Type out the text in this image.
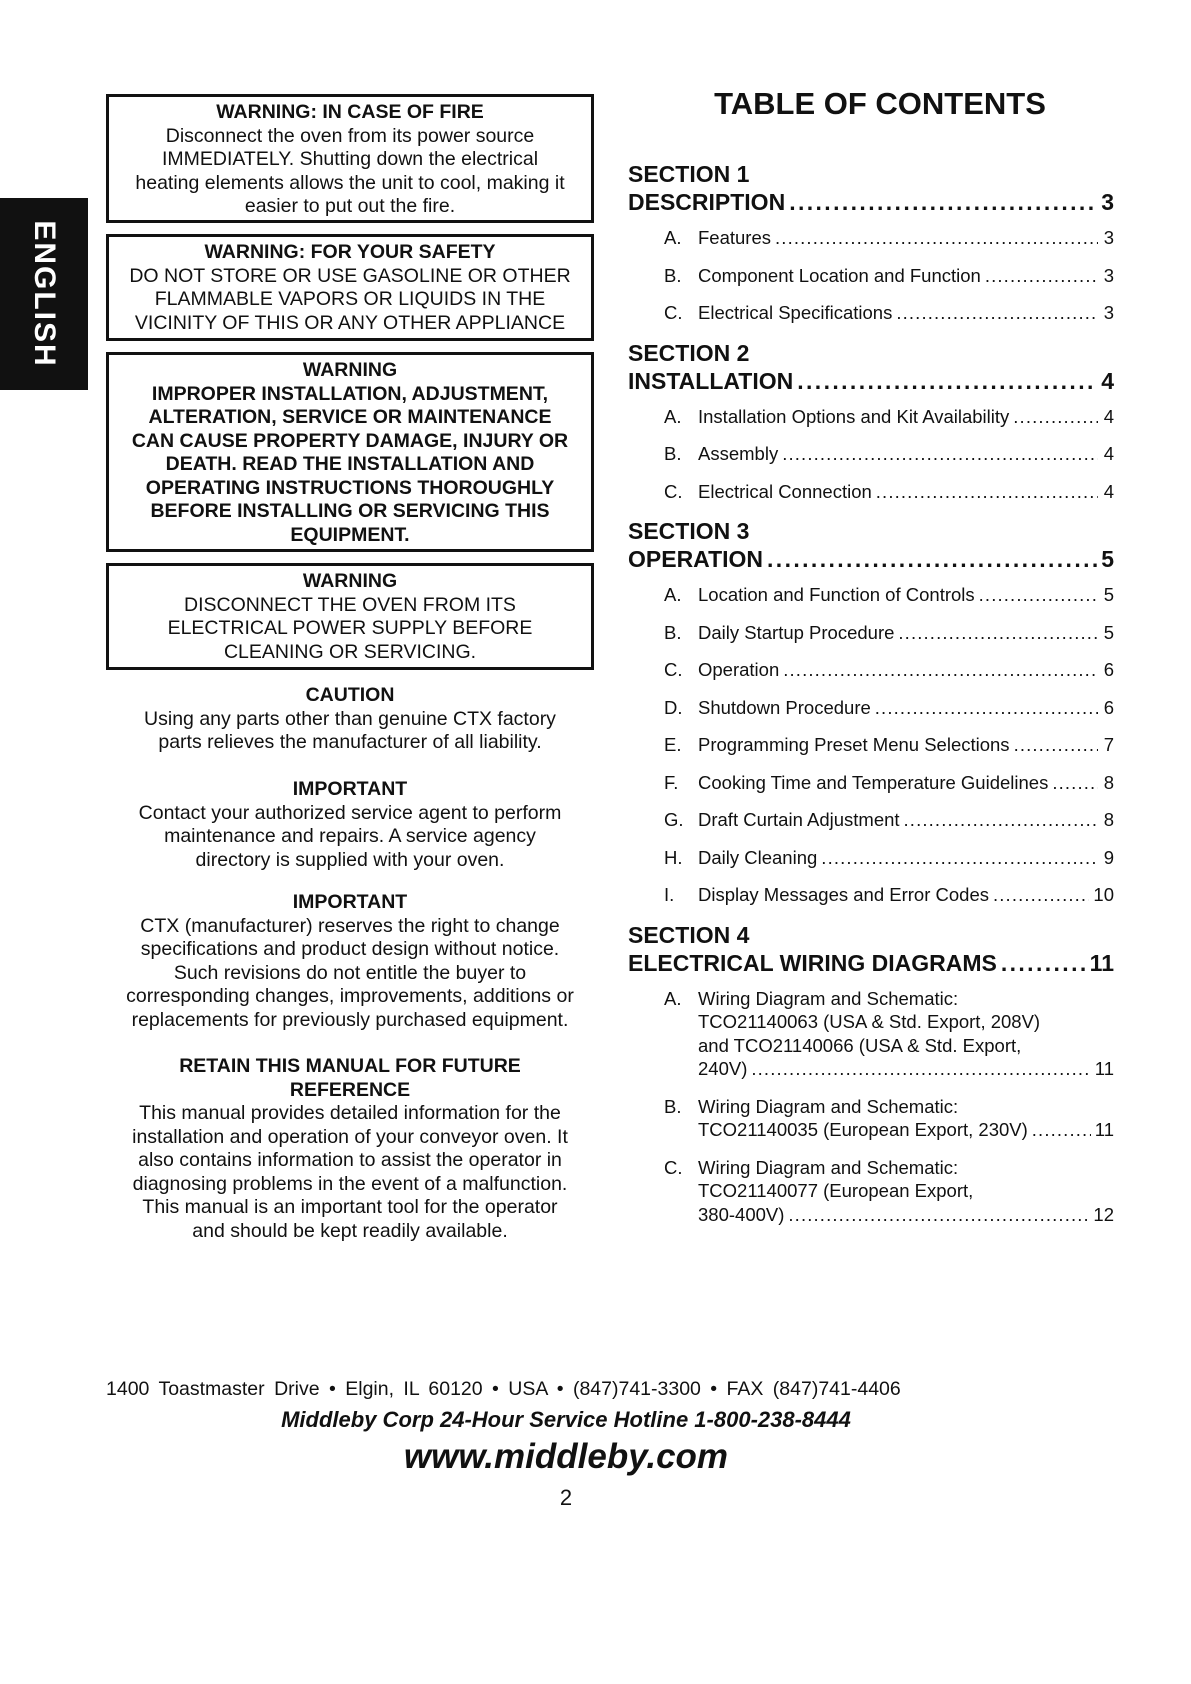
ENGLISH
WARNING: IN CASE OF FIRE
Disconnect the oven from its power source
IMMEDIATELY. Shutting down the electrical
heating elements allows the unit to cool, making it
easier to put out the fire.
WARNING: FOR YOUR SAFETY
DO NOT STORE OR USE GASOLINE OR OTHER
FLAMMABLE VAPORS OR LIQUIDS IN THE
VICINITY OF THIS OR ANY OTHER APPLIANCE
WARNING
IMPROPER INSTALLATION, ADJUSTMENT,
ALTERATION, SERVICE OR MAINTENANCE
CAN CAUSE PROPERTY DAMAGE, INJURY OR
DEATH. READ THE INSTALLATION AND
OPERATING INSTRUCTIONS THOROUGHLY
BEFORE INSTALLING OR SERVICING THIS
EQUIPMENT.
WARNING
DISCONNECT THE OVEN FROM ITS
ELECTRICAL POWER SUPPLY BEFORE
CLEANING OR SERVICING.
CAUTION
Using any parts other than genuine CTX factory
parts relieves the manufacturer of all liability.
IMPORTANT
Contact your authorized service agent to perform
maintenance and repairs. A service agency
directory is supplied with your oven.
IMPORTANT
CTX (manufacturer) reserves the right to change
specifications and product design without notice.
Such revisions do not entitle the buyer to
corresponding changes, improvements, additions or
replacements for previously purchased equipment.
RETAIN THIS MANUAL FOR FUTURE
REFERENCE
This manual provides detailed information for the
installation and operation of your conveyor oven. It
also contains information to assist the operator in
diagnosing problems in the event of a malfunction.
This manual is an important tool for the operator
and should be kept readily available.
TABLE OF CONTENTS
SECTION 1
DESCRIPTION . . .	3
A. Features . . .	3
B. Component Location and Function . . .	3
C. Electrical Specifications . . .	3
SECTION 2
INSTALLATION . . .	4
A. Installation Options and Kit Availability . . .	4
B. Assembly . . .	4
C. Electrical Connection . . .	4
SECTION 3
OPERATION . . .	5
A. Location and Function of Controls . . .	5
B. Daily Startup Procedure . . .	5
C. Operation . . .	6
D. Shutdown Procedure . . .	6
E. Programming Preset Menu Selections . . .	7
F.	Cooking Time and Temperature Guidelines . . .	8
G. Draft Curtain Adjustment . . .	8
H. Daily Cleaning . . .	9
I.	Display Messages and Error Codes . . .	10
SECTION 4
ELECTRICAL WIRING DIAGRAMS . . .	11
A. Wiring Diagram and Schematic:
TCO21140063 (USA & Std. Export, 208V)
and TCO21140066 (USA & Std. Export,
240V) . . .	11
B. Wiring Diagram and Schematic:
TCO21140035 (European Export, 230V) . . .	11
C. Wiring Diagram and Schematic:
TCO21140077 (European Export,
380-400V) . . .	12
1400 Toastmaster Drive • Elgin, IL 60120 • USA • (847)741-3300 • FAX (847)741-4406
Middleby Corp 24-Hour Service Hotline 1-800-238-8444
www.middleby.com
2
